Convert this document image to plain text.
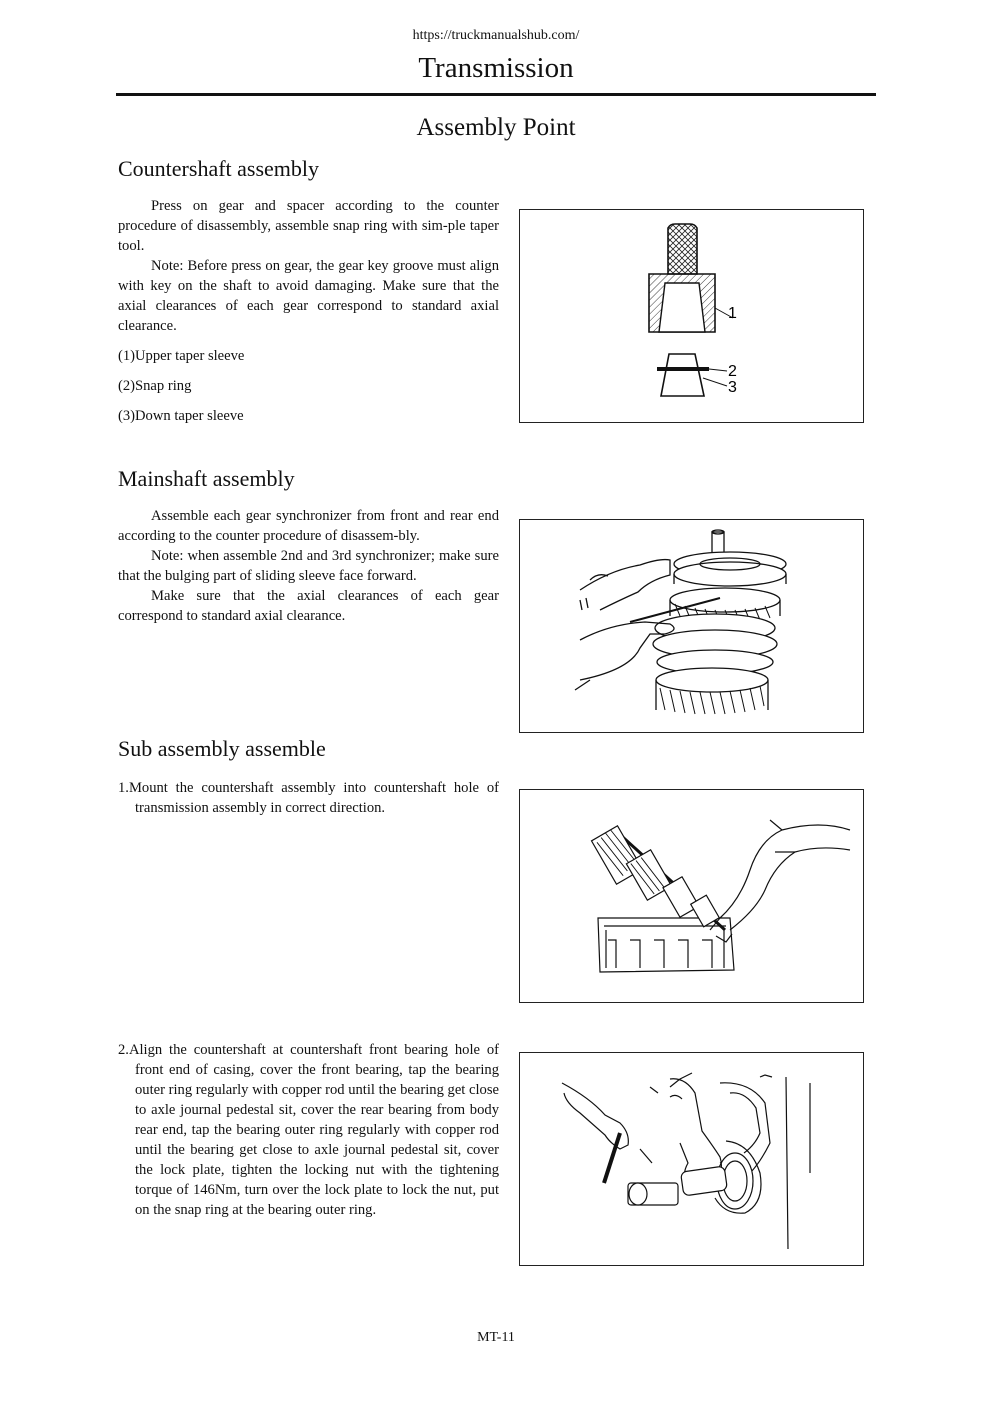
https://truckmanualshub.com/
Transmission
Assembly Point
Countershaft assembly

Press on gear and spacer according to the counter procedure of disassembly, assemble snap ring with sim-ple taper tool.

Note: Before press on gear, the gear key groove must align with key on the shaft to avoid damaging. Make sure that the axial clearances of each gear correspond to standard axial clearance.

(1)Upper taper sleeve

(2)Snap ring

(3)Down taper sleeve

1
2
3
Mainshaft assembly

Assemble each gear synchronizer from front and rear end according to the counter procedure of disassem-bly.

Note: when assemble 2nd and 3rd synchronizer; make sure that the bulging part of sliding sleeve face forward.

Make sure that the axial clearances of each gear correspond to standard axial clearance.

Sub assembly assemble

1.Mount the countershaft assembly into countershaft hole of transmission assembly in correct direction.

2.Align the countershaft at countershaft front bearing hole of front end of casing, cover the front bearing, tap the bearing outer ring regularly with copper rod until the bearing get close to axle journal pedestal sit, cover the rear bearing from body rear end, tap the bearing outer ring regularly with copper rod until the bearing get close to axle journal pedestal sit, cover the lock plate, tighten the locking nut with the tightening torque of 146Nm, turn over the lock plate to lock the nut, put on the snap ring at the bearing outer ring.

MT-11
